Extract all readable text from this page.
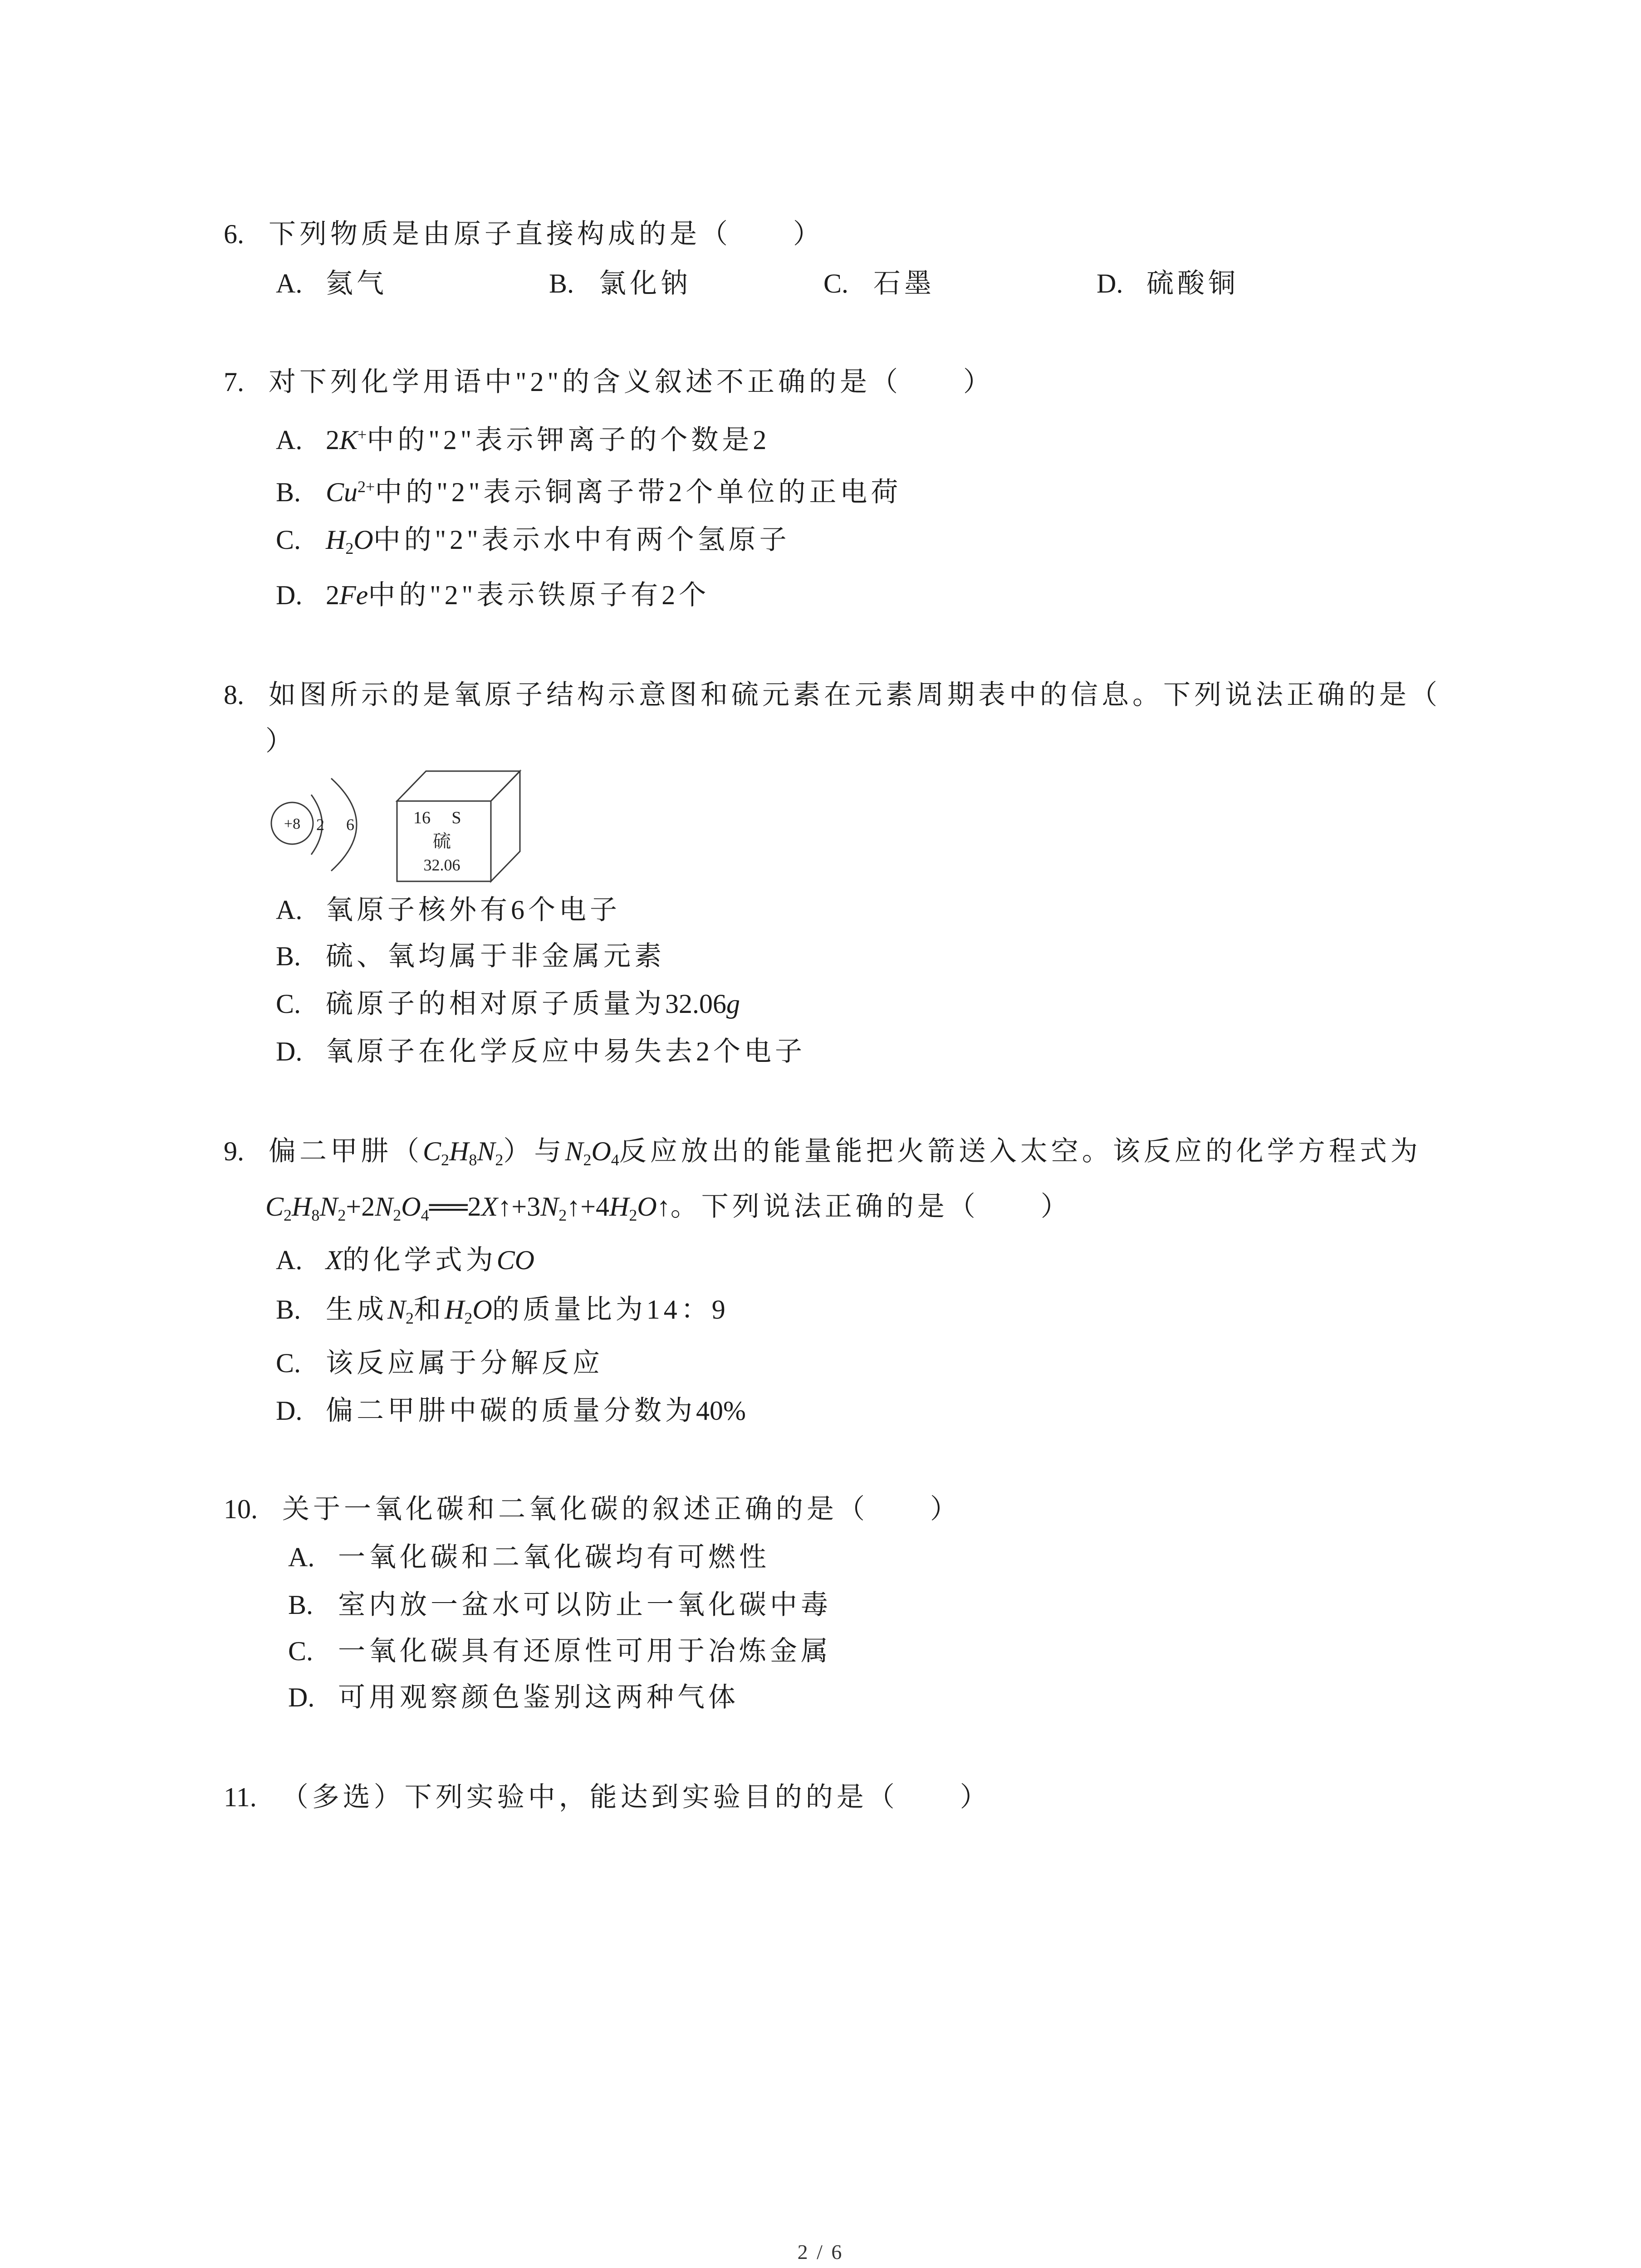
6. 下列物质是由原子直接构成的是（　　）
A. 氦气	B. 氯化钠	C. 石墨	D. 硫酸铜
7. 对下列化学用语中"2"的含义叙述不正确的是（　　）
A. 2K+中的"2"表示钾离子的个数是2
B. $Cu^{2+}$中的"2"表示铜离子带2个单位的正电荷
C. $H_2O$中的"2"表示水中有两个氢原子
D. 2Fe中的"2"表示铁原子有2个
8. 如图所示的是氧原子结构示意图和硫元素在元素周期表中的信息。下列说法正确的是（
）
+8 2 6	16 S
硫
32.06
A. 氧原子核外有6个电子
B. 硫、氧均属于非金属元素
C. 硫原子的相对原子质量为32.06g
D. 氧原子在化学反应中易失去2个电子
9. 偏二甲肼$(C_2H_8N_2)$与$N_2O_4$反应放出的能量能把火箭送入太空。该反应的化学方程式为
$C_2H_8N_2+2N_2O_4══2X↑+3N_2↑+4H_2O↑$。下列说法正确的是（　　）
A. X的化学式为CO
B. 生成$N_2$和$H_2O$的质量比为14：9
C. 该反应属于分解反应
D. 偏二甲肼中碳的质量分数为40%
10. 关于一氧化碳和二氧化碳的叙述正确的是（　　）
A. 一氧化碳和二氧化碳均有可燃性
B. 室内放一盆水可以防止一氧化碳中毒
C. 一氧化碳具有还原性可用于冶炼金属
D. 可用观察颜色鉴别这两种气体
11. （多选）下列实验中，能达到实验目的的是（　　）
2 / 6
